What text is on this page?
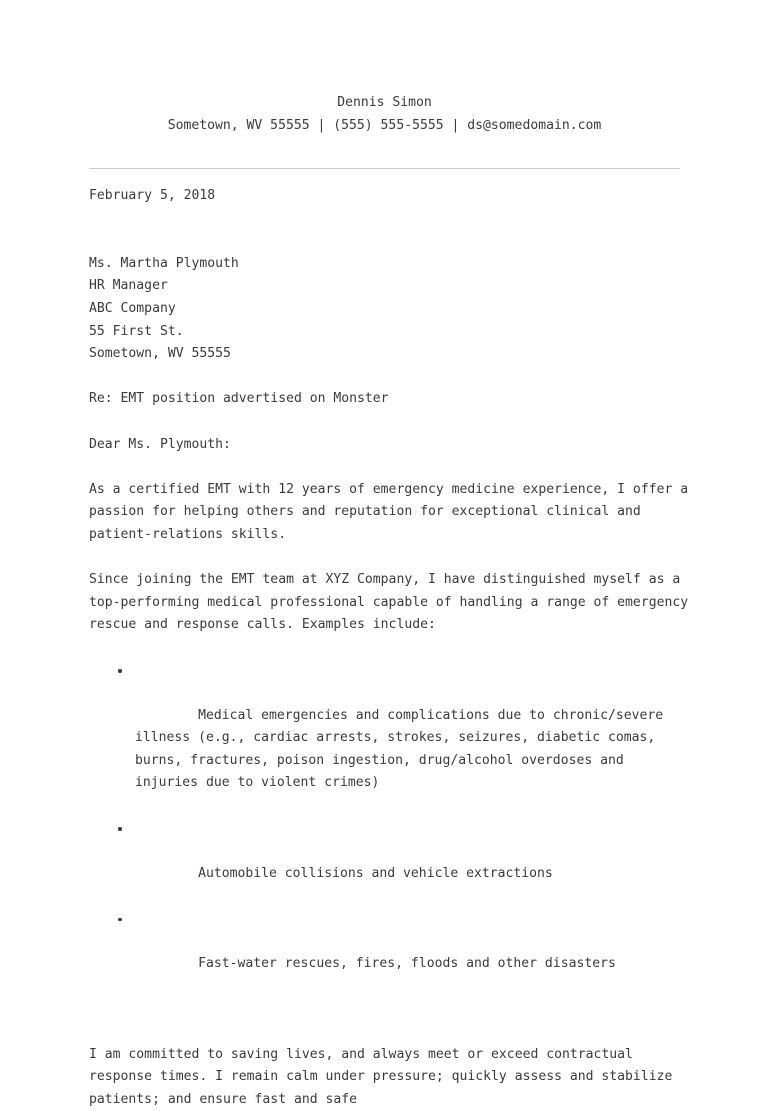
Dennis Simon
Sometown, WV 55555 | (555) 555-5555 | ds@somedomain.com
February 5, 2018
Ms. Martha Plymouth
HR Manager
ABC Company
55 First St.
Sometown, WV 55555
Re: EMT position advertised on Monster
Dear Ms. Plymouth:
As a certified EMT with 12 years of emergency medicine experience, I offer a passion for helping others and reputation for exceptional clinical and patient-relations skills.
Since joining the EMT team at XYZ Company, I have distinguished myself as a top-performing medical professional capable of handling a range of emergency rescue and response calls. Examples include:

Medical emergencies and complications due to chronic/severe illness (e.g., cardiac arrests, strokes, seizures, diabetic comas, burns, fractures, poison ingestion, drug/alcohol overdoses and injuries due to violent crimes)

Automobile collisions and vehicle extractions

Fast-water rescues, fires, floods and other disasters

I am committed to saving lives, and always meet or exceed contractual response times. I remain calm under pressure; quickly assess and stabilize patients; and ensure fast and safe
